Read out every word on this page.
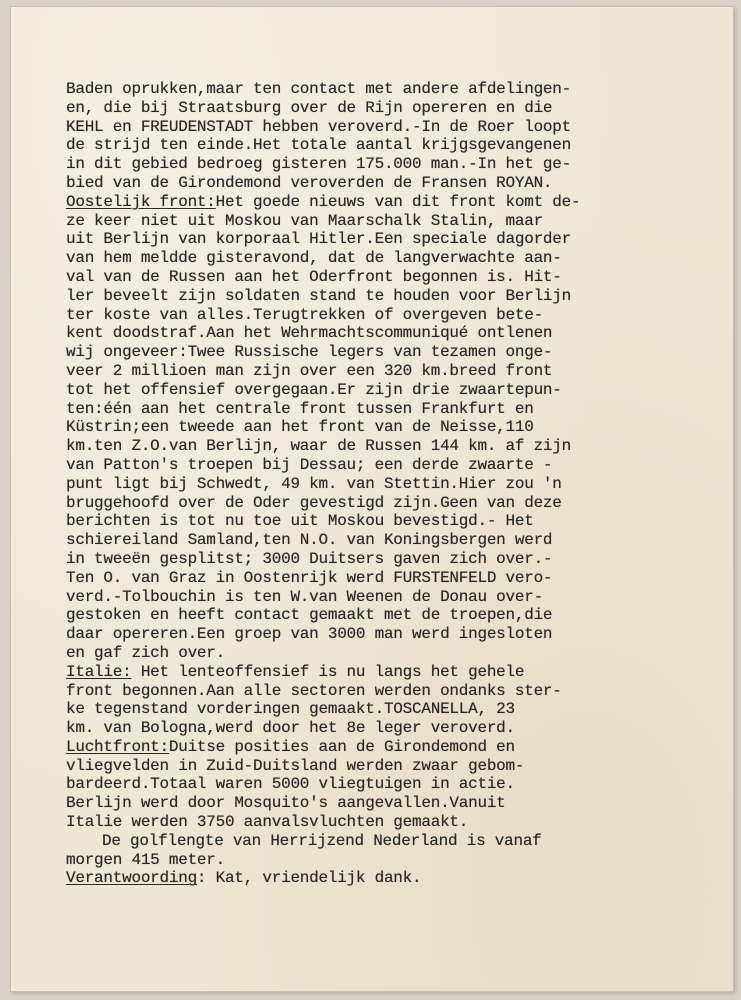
Baden oprukken,maar ten contact met andere afdelingen-
en, die bij Straatsburg over de Rijn opereren en die
KEHL en FREUDENSTADT hebben veroverd.-In de Roer loopt
de strijd ten einde.Het totale aantal krijgsgevangenen
in dit gebied bedroeg gisteren 175.000 man.-In het ge-
bied van de Girondemond veroverden de Fransen ROYAN.
Oostelijk front:Het goede nieuws van dit front komt de-
ze keer niet uit Moskou van Maarschalk Stalin, maar
uit Berlijn van korporaal Hitler.Een speciale dagorder
van hem meldde gisteravond, dat de langverwachte aan-
val van de Russen aan het Oderfront begonnen is. Hit-
ler beveelt zijn soldaten stand te houden voor Berlijn
ter koste van alles.Terugtrekken of overgeven bete-
kent doodstraf.Aan het Wehrmachtscommuniqué ontlenen
wij ongeveer:Twee Russische legers van tezamen onge-
veer 2 millioen man zijn over een 320 km.breed front
tot het offensief overgegaan.Er zijn drie zwaartepun-
ten:één aan het centrale front tussen Frankfurt en
Küstrin;een tweede aan het front van de Neisse,110
km.ten Z.O.van Berlijn, waar de Russen 144 km. af zijn
van Patton's troepen bij Dessau; een derde zwaarte -
punt ligt bij Schwedt, 49 km. van Stettin.Hier zou 'n
bruggehoofd over de Oder gevestigd zijn.Geen van deze
berichten is tot nu toe uit Moskou bevestigd.- Het
schiereiland Samland,ten N.O. van Koningsbergen werd
in tweeën gesplitst; 3000 Duitsers gaven zich over.-
Ten O. van Graz in Oostenrijk werd FURSTENFELD vero-
verd.-Tolbouchin is ten W.van Weenen de Donau over-
gestoken en heeft contact gemaakt met de troepen,die
daar opereren.Een groep van 3000 man werd ingesloten
en gaf zich over.
Italie: Het lenteoffensief is nu langs het gehele
front begonnen.Aan alle sectoren werden ondanks ster-
ke tegenstand vorderingen gemaakt.TOSCANELLA, 23
km. van Bologna,werd door het 8e leger veroverd.
Luchtfront:Duitse posities aan de Girondemond en
vliegvelden in Zuid-Duitsland werden zwaar gebom-
bardeerd.Totaal waren 5000 vliegtuigen in actie.
Berlijn werd door Mosquito's aangevallen.Vanuit
Italie werden 3750 aanvalsvluchten gemaakt.
De golflengte van Herrijzend Nederland is vanaf
morgen 415 meter.
Verantwoording: Kat, vriendelijk dank.
